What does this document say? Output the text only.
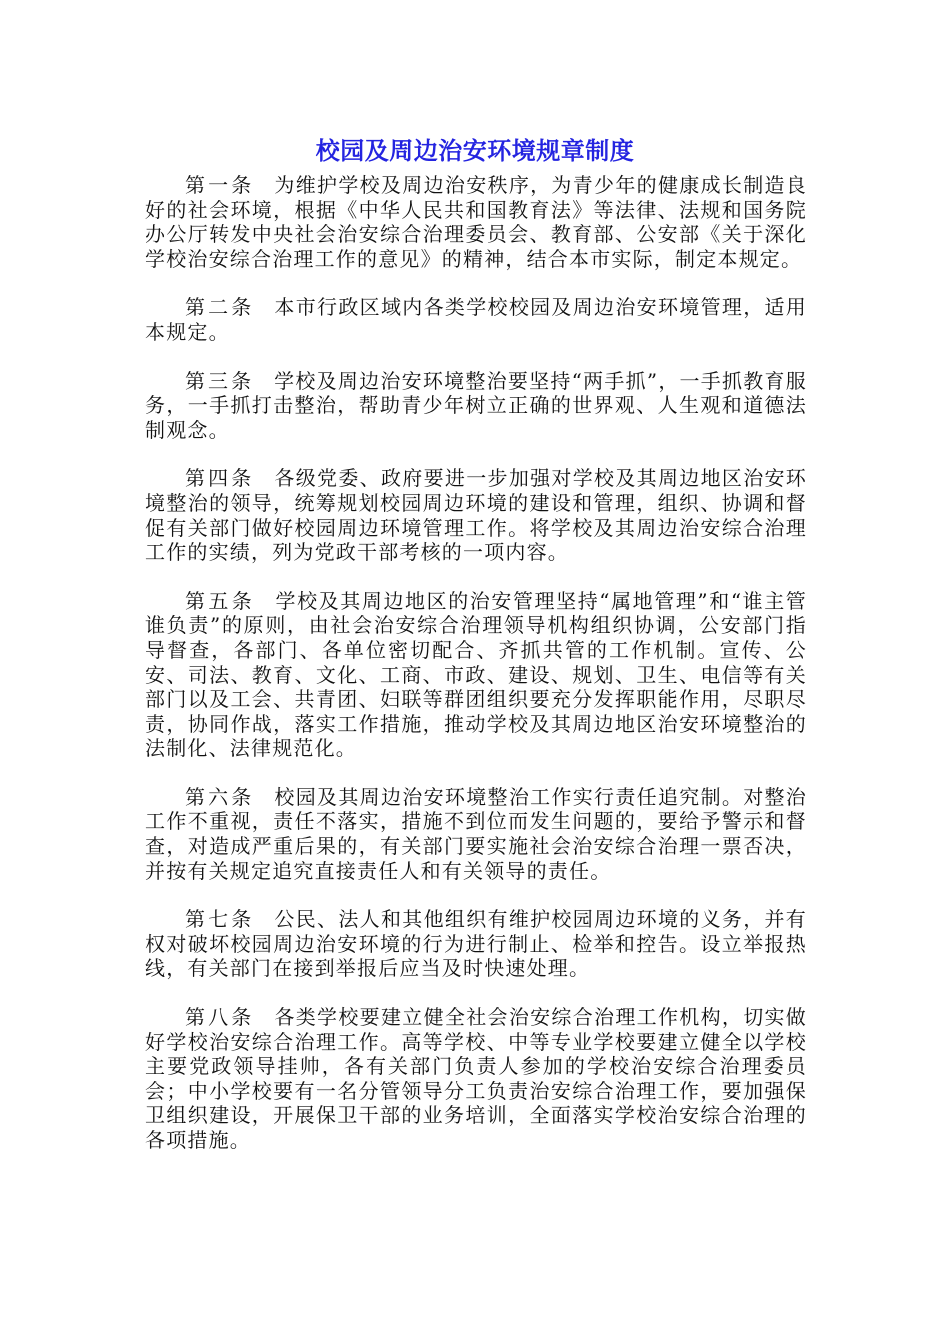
校园及周边治安环境规章制度

第一条 为维护学校及周边治安秩序，为青少年的健康成长制造良好的社会环境，根据《中华人民共和国教育法》等法律、法规和国务院办公厅转发中央社会治安综合治理委员会、教育部、公安部《关于深化学校治安综合治理工作的意见》的精神，结合本市实际，制定本规定。

第二条 本市行政区域内各类学校校园及周边治安环境管理，适用本规定。

第三条 学校及周边治安环境整治要坚持“两手抓”，一手抓教育服务，一手抓打击整治，帮助青少年树立正确的世界观、人生观和道德法制观念。

第四条 各级党委、政府要进一步加强对学校及其周边地区治安环境整治的领导，统筹规划校园周边环境的建设和管理，组织、协调和督促有关部门做好校园周边环境管理工作。将学校及其周边治安综合治理工作的实绩，列为党政干部考核的一项内容。

第五条 学校及其周边地区的治安管理坚持“属地管理”和“谁主管谁负责”的原则，由社会治安综合治理领导机构组织协调，公安部门指导督查，各部门、各单位密切配合、齐抓共管的工作机制。宣传、公安、司法、教育、文化、工商、市政、建设、规划、卫生、电信等有关部门以及工会、共青团、妇联等群团组织要充分发挥职能作用，尽职尽责，协同作战，落实工作措施，推动学校及其周边地区治安环境整治的法制化、法律规范化。

第六条 校园及其周边治安环境整治工作实行责任追究制。对整治工作不重视，责任不落实，措施不到位而发生问题的，要给予警示和督查，对造成严重后果的，有关部门要实施社会治安综合治理一票否决，并按有关规定追究直接责任人和有关领导的责任。

第七条 公民、法人和其他组织有维护校园周边环境的义务，并有权对破坏校园周边治安环境的行为进行制止、检举和控告。设立举报热线，有关部门在接到举报后应当及时快速处理。

第八条 各类学校要建立健全社会治安综合治理工作机构，切实做好学校治安综合治理工作。高等学校、中等专业学校要建立健全以学校主要党政领导挂帅，各有关部门负责人参加的学校治安综合治理委员会；中小学校要有一名分管领导分工负责治安综合治理工作，要加强保卫组织建设，开展保卫干部的业务培训，全面落实学校治安综合治理的各项措施。
